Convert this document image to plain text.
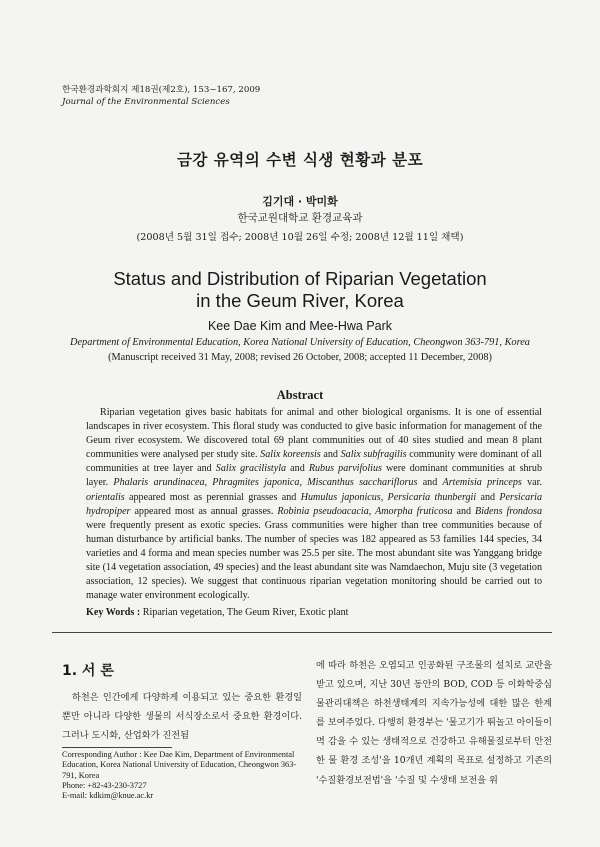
한국환경과학회지 제18권(제2호), 153~167, 2009
Journal of the Environmental Sciences
금강 유역의 수변 식생 현황과 분포
김기대 · 박미화
한국교원대학교 환경교육과
(2008년 5월 31일 접수; 2008년 10월 26일 수정; 2008년 12월 11일 채택)
Status and Distribution of Riparian Vegetation
in the Geum River, Korea
Kee Dae Kim and Mee-Hwa Park
Department of Environmental Education, Korea National University of Education, Cheongwon 363-791, Korea
(Manuscript received 31 May, 2008; revised 26 October, 2008; accepted 11 December, 2008)
Abstract

Riparian vegetation gives basic habitats for animal and other biological organisms. It is one of essential landscapes in river ecosystem. This floral study was conducted to give basic information for management of the Geum river ecosystem. We discovered total 69 plant communities out of 40 sites studied and mean 8 plant communities were analysed per study site. Salix koreensis and Salix subfragilis community were dominant of all communities at tree layer and Salix gracilistyla and Rubus parvifolius were dominant communities at shrub layer. Phalaris arundinacea, Phragmites japonica, Miscanthus sacchariflorus and Artemisia princeps var. orientalis appeared most as perennial grasses and Humulus japonicus, Persicaria thunbergii and Persicaria hydropiper appeared most as annual grasses. Robinia pseudoacacia, Amorpha fruticosa and Bidens frondosa were frequently present as exotic species. Grass communities were higher than tree communities because of human disturbance by artificial banks. The number of species was 182 appeared as 53 families 144 species, 34 varieties and 4 forma and mean species number was 25.5 per site. The most abundant site was Yanggang bridge site (14 vegetation association, 49 species) and the least abundant site was Namdaechon, Muju site (3 vegetation association, 12 species). We suggest that continuous riparian vegetation monitoring should be carried out to manage water environment ecologically.

Key Words : Riparian vegetation, The Geum River, Exotic plant
1. 서 론

하천은 인간에게 다양하게 이용되고 있는 중요한 환경일 뿐만 아니라 다양한 생물의 서식장소로서 중요한 환경이다. 그러나 도시화, 산업화가 진전됨

Corresponding Author : Kee Dae Kim, Department of Environmental Education, Korea National University of Education, Cheongwon 363-791, Korea
Phone: +82-43-230-3727
E-mail: kdkim@knue.ac.kr

에 따라 하천은 오염되고 인공화된 구조물의 설치로 교란을 받고 있으며, 지난 30년 동안의 BOD, COD 등 이화학중심 물관리대책은 하천생태계의 지속가능성에 대한 많은 한계를 보여주었다. 다행히 환경부는 '물고기가 뛰놀고 아이들이 멱 감을 수 있는 생태적으로 건강하고 유해물질로부터 안전한 물 환경 조성'을 10개년 계획의 목표로 설정하고 기존의 '수질환경보전법'을 '수질 및 수생태 보전을 위
